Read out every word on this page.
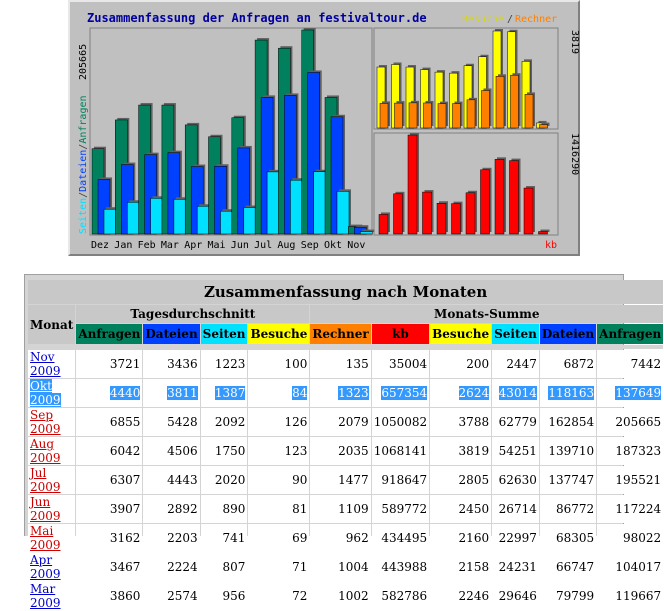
Zusammenfassung der Anfragen an festivaltour.de	Besuche / Rechner
Dez Jan Feb Mar Apr Mai Jun Jul Aug Sep Okt Nov
205665
Seiten/Dateien/Anfragen
3819
1416290
kb
Zusammenfassung nach Monaten										
Monat	Tagesdurchschnitt				Monats-Summe					
	Anfragen	Dateien	Seiten	Besuche	Rechner	kb	Besuche	Seiten	Dateien	Anfragen

Nov 2009	3721	3436	1223	100	135	35004	200	2447	6872	7442
Okt 2009	4440	3811	1387	84	1323	657354	2624	43014	118163	137649
Sep 2009	6855	5428	2092	126	2079	1050082	3788	62779	162854	205665
Aug 2009	6042	4506	1750	123	2035	1068141	3819	54251	139710	187323
Jul 2009	6307	4443	2020	90	1477	918647	2805	62630	137747	195521
Jun 2009	3907	2892	890	81	1109	589772	2450	26714	86772	117224
Mai 2009	3162	2203	741	69	962	434495	2160	22997	68305	98022
Apr 2009	3467	2224	807	71	1004	443988	2158	24231	66747	104017
Mar 2009	3860	2574	956	72	1002	582786	2246	29646	79799	119667
